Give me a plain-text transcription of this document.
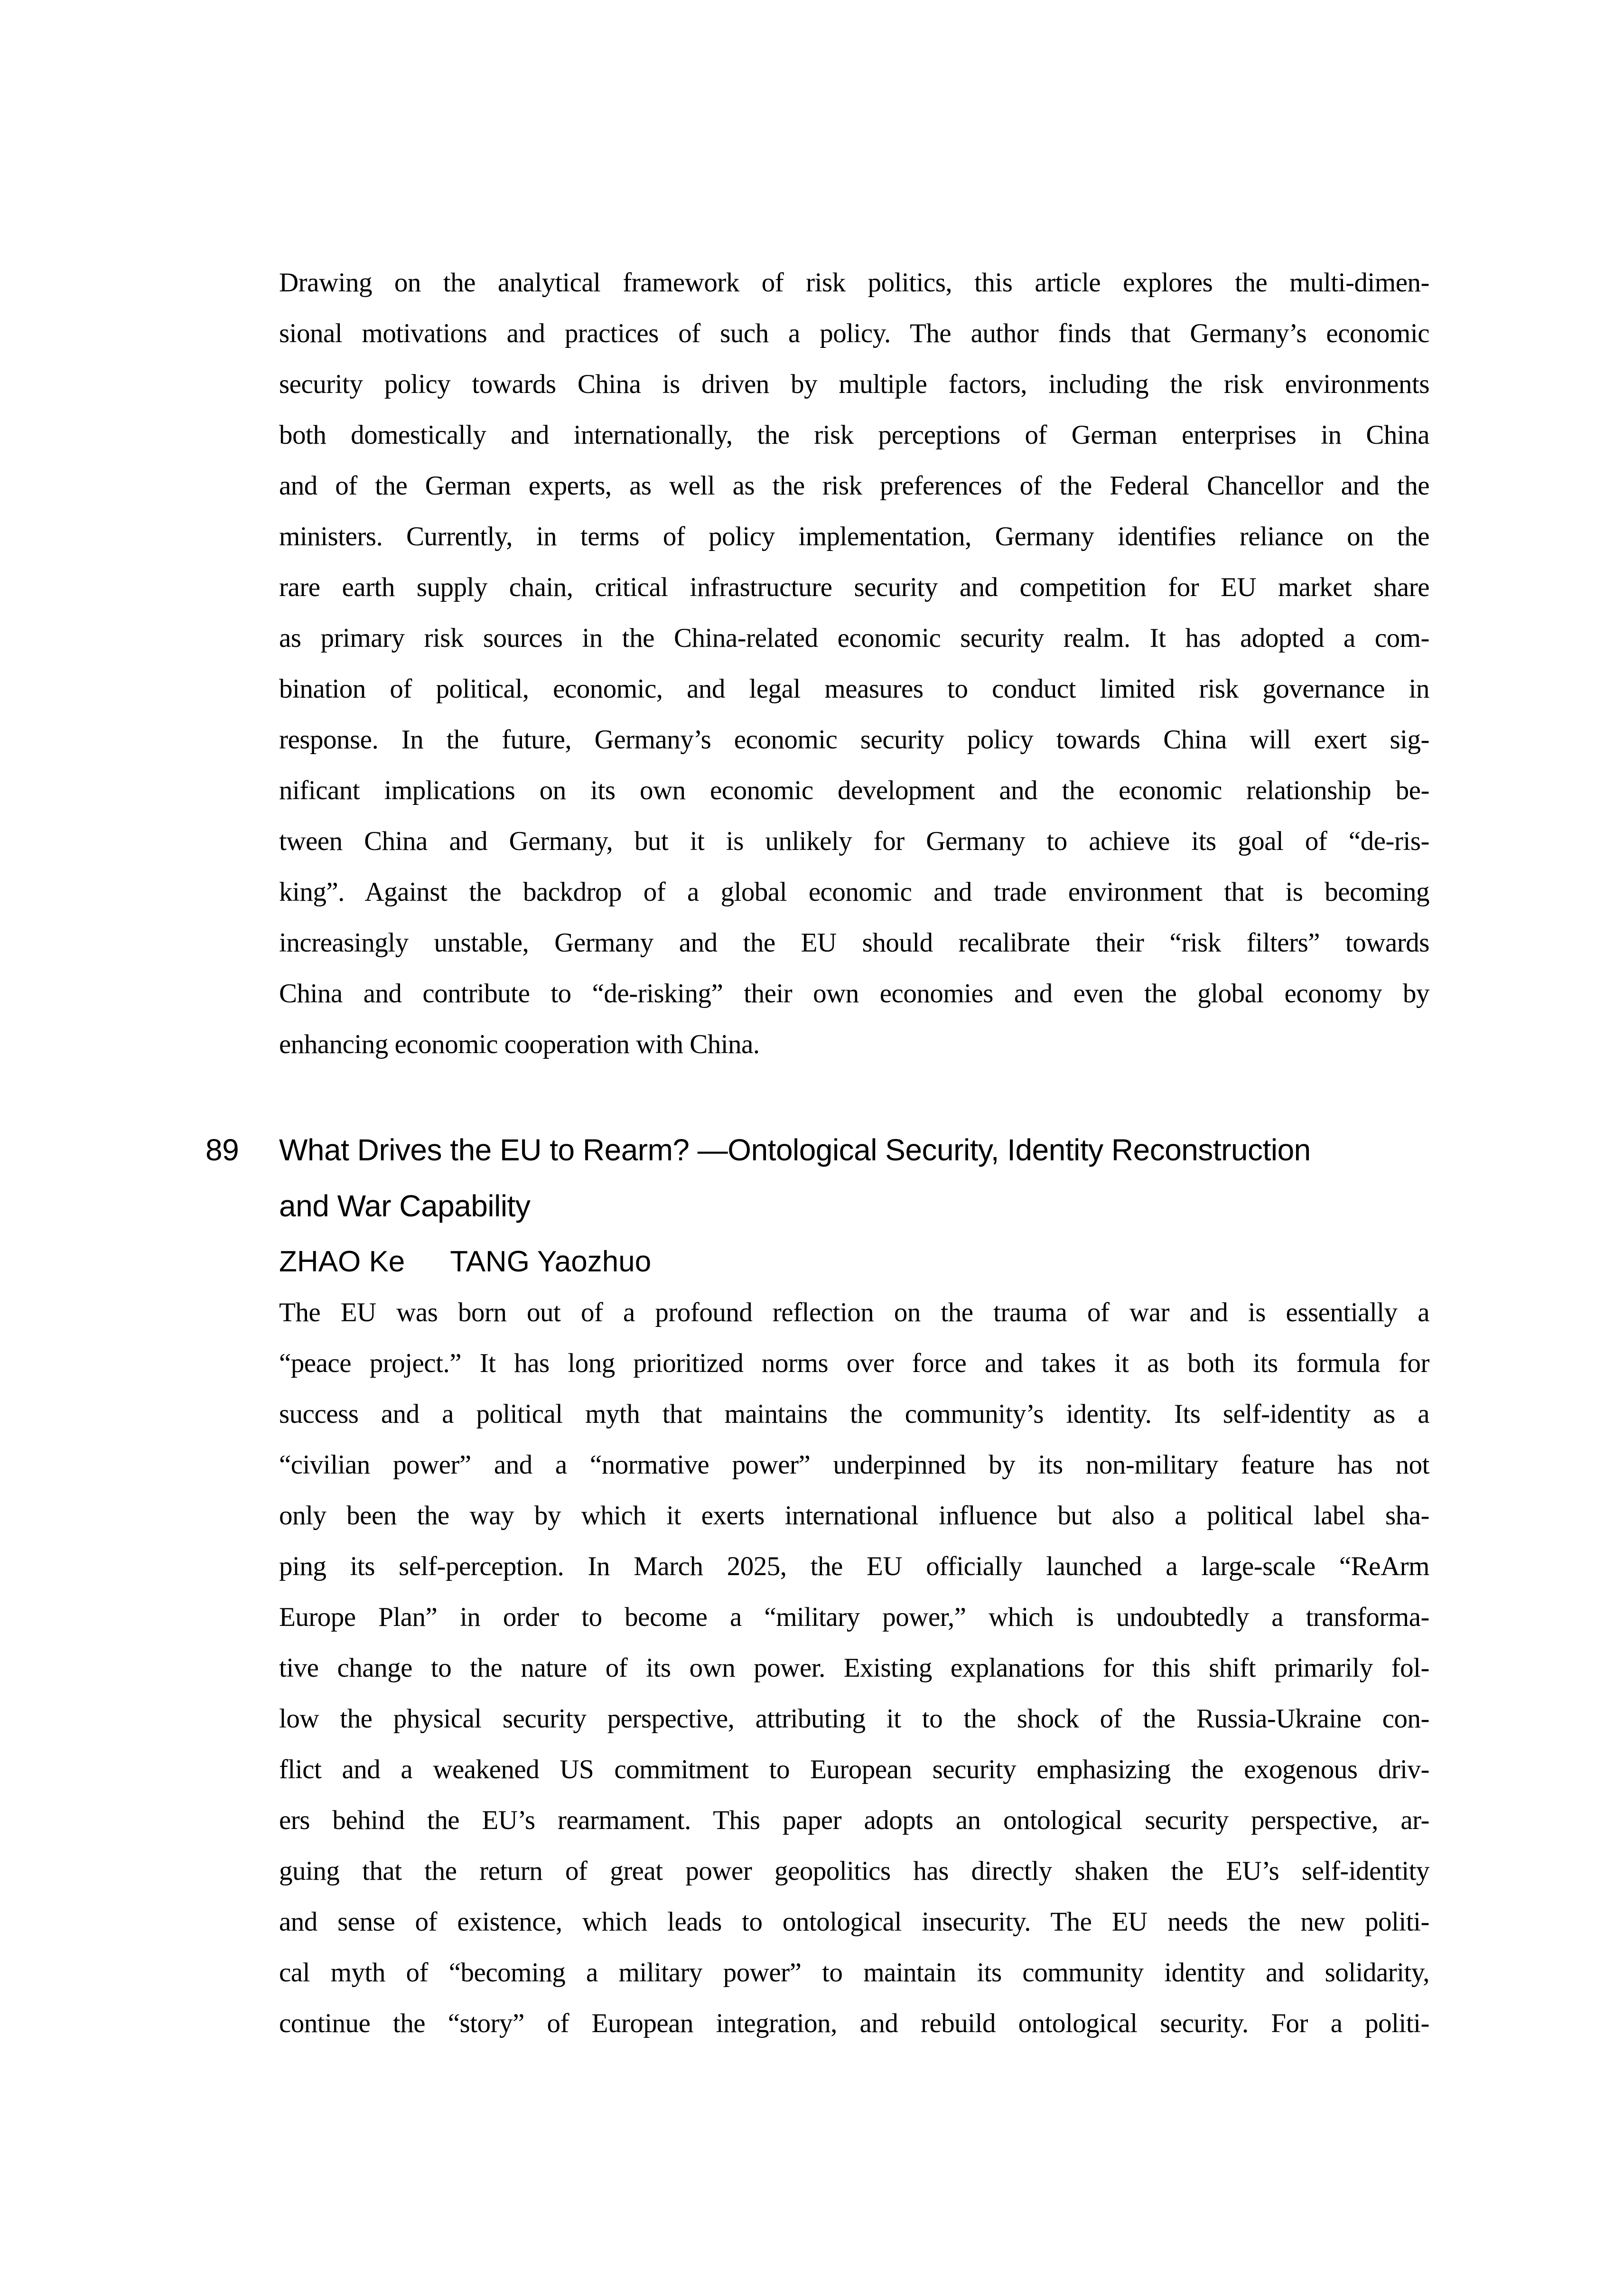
Drawing on the analytical framework of risk politics, this article explores the multi-dimen-
sional motivations and practices of such a policy. The author finds that Germany’s economic
security policy towards China is driven by multiple factors, including the risk environments
both domestically and internationally, the risk perceptions of German enterprises in China
and of the German experts, as well as the risk preferences of the Federal Chancellor and the
ministers. Currently, in terms of policy implementation, Germany identifies reliance on the
rare earth supply chain, critical infrastructure security and competition for EU market share
as primary risk sources in the China-related economic security realm. It has adopted a com-
bination of political, economic, and legal measures to conduct limited risk governance in
response. In the future, Germany’s economic security policy towards China will exert sig-
nificant implications on its own economic development and the economic relationship be-
tween China and Germany, but it is unlikely for Germany to achieve its goal of “de-ris-
king”. Against the backdrop of a global economic and trade environment that is becoming
increasingly unstable, Germany and the EU should recalibrate their “risk filters” towards
China and contribute to “de-risking” their own economies and even the global economy by
enhancing economic cooperation with China.
89 What Drives the EU to Rearm? —Ontological Security, Identity Reconstruction
and War Capability
ZHAO Ke TANG Yaozhuo
The EU was born out of a profound reflection on the trauma of war and is essentially a
“peace project.” It has long prioritized norms over force and takes it as both its formula for
success and a political myth that maintains the community’s identity. Its self-identity as a
“civilian power” and a “normative power” underpinned by its non-military feature has not
only been the way by which it exerts international influence but also a political label sha-
ping its self-perception. In March 2025, the EU officially launched a large-scale “ReArm
Europe Plan” in order to become a “military power,” which is undoubtedly a transforma-
tive change to the nature of its own power. Existing explanations for this shift primarily fol-
low the physical security perspective, attributing it to the shock of the Russia-Ukraine con-
flict and a weakened US commitment to European security emphasizing the exogenous driv-
ers behind the EU’s rearmament. This paper adopts an ontological security perspective, ar-
guing that the return of great power geopolitics has directly shaken the EU’s self-identity
and sense of existence, which leads to ontological insecurity. The EU needs the new politi-
cal myth of “becoming a military power” to maintain its community identity and solidarity,
continue the “story” of European integration, and rebuild ontological security. For a politi-
